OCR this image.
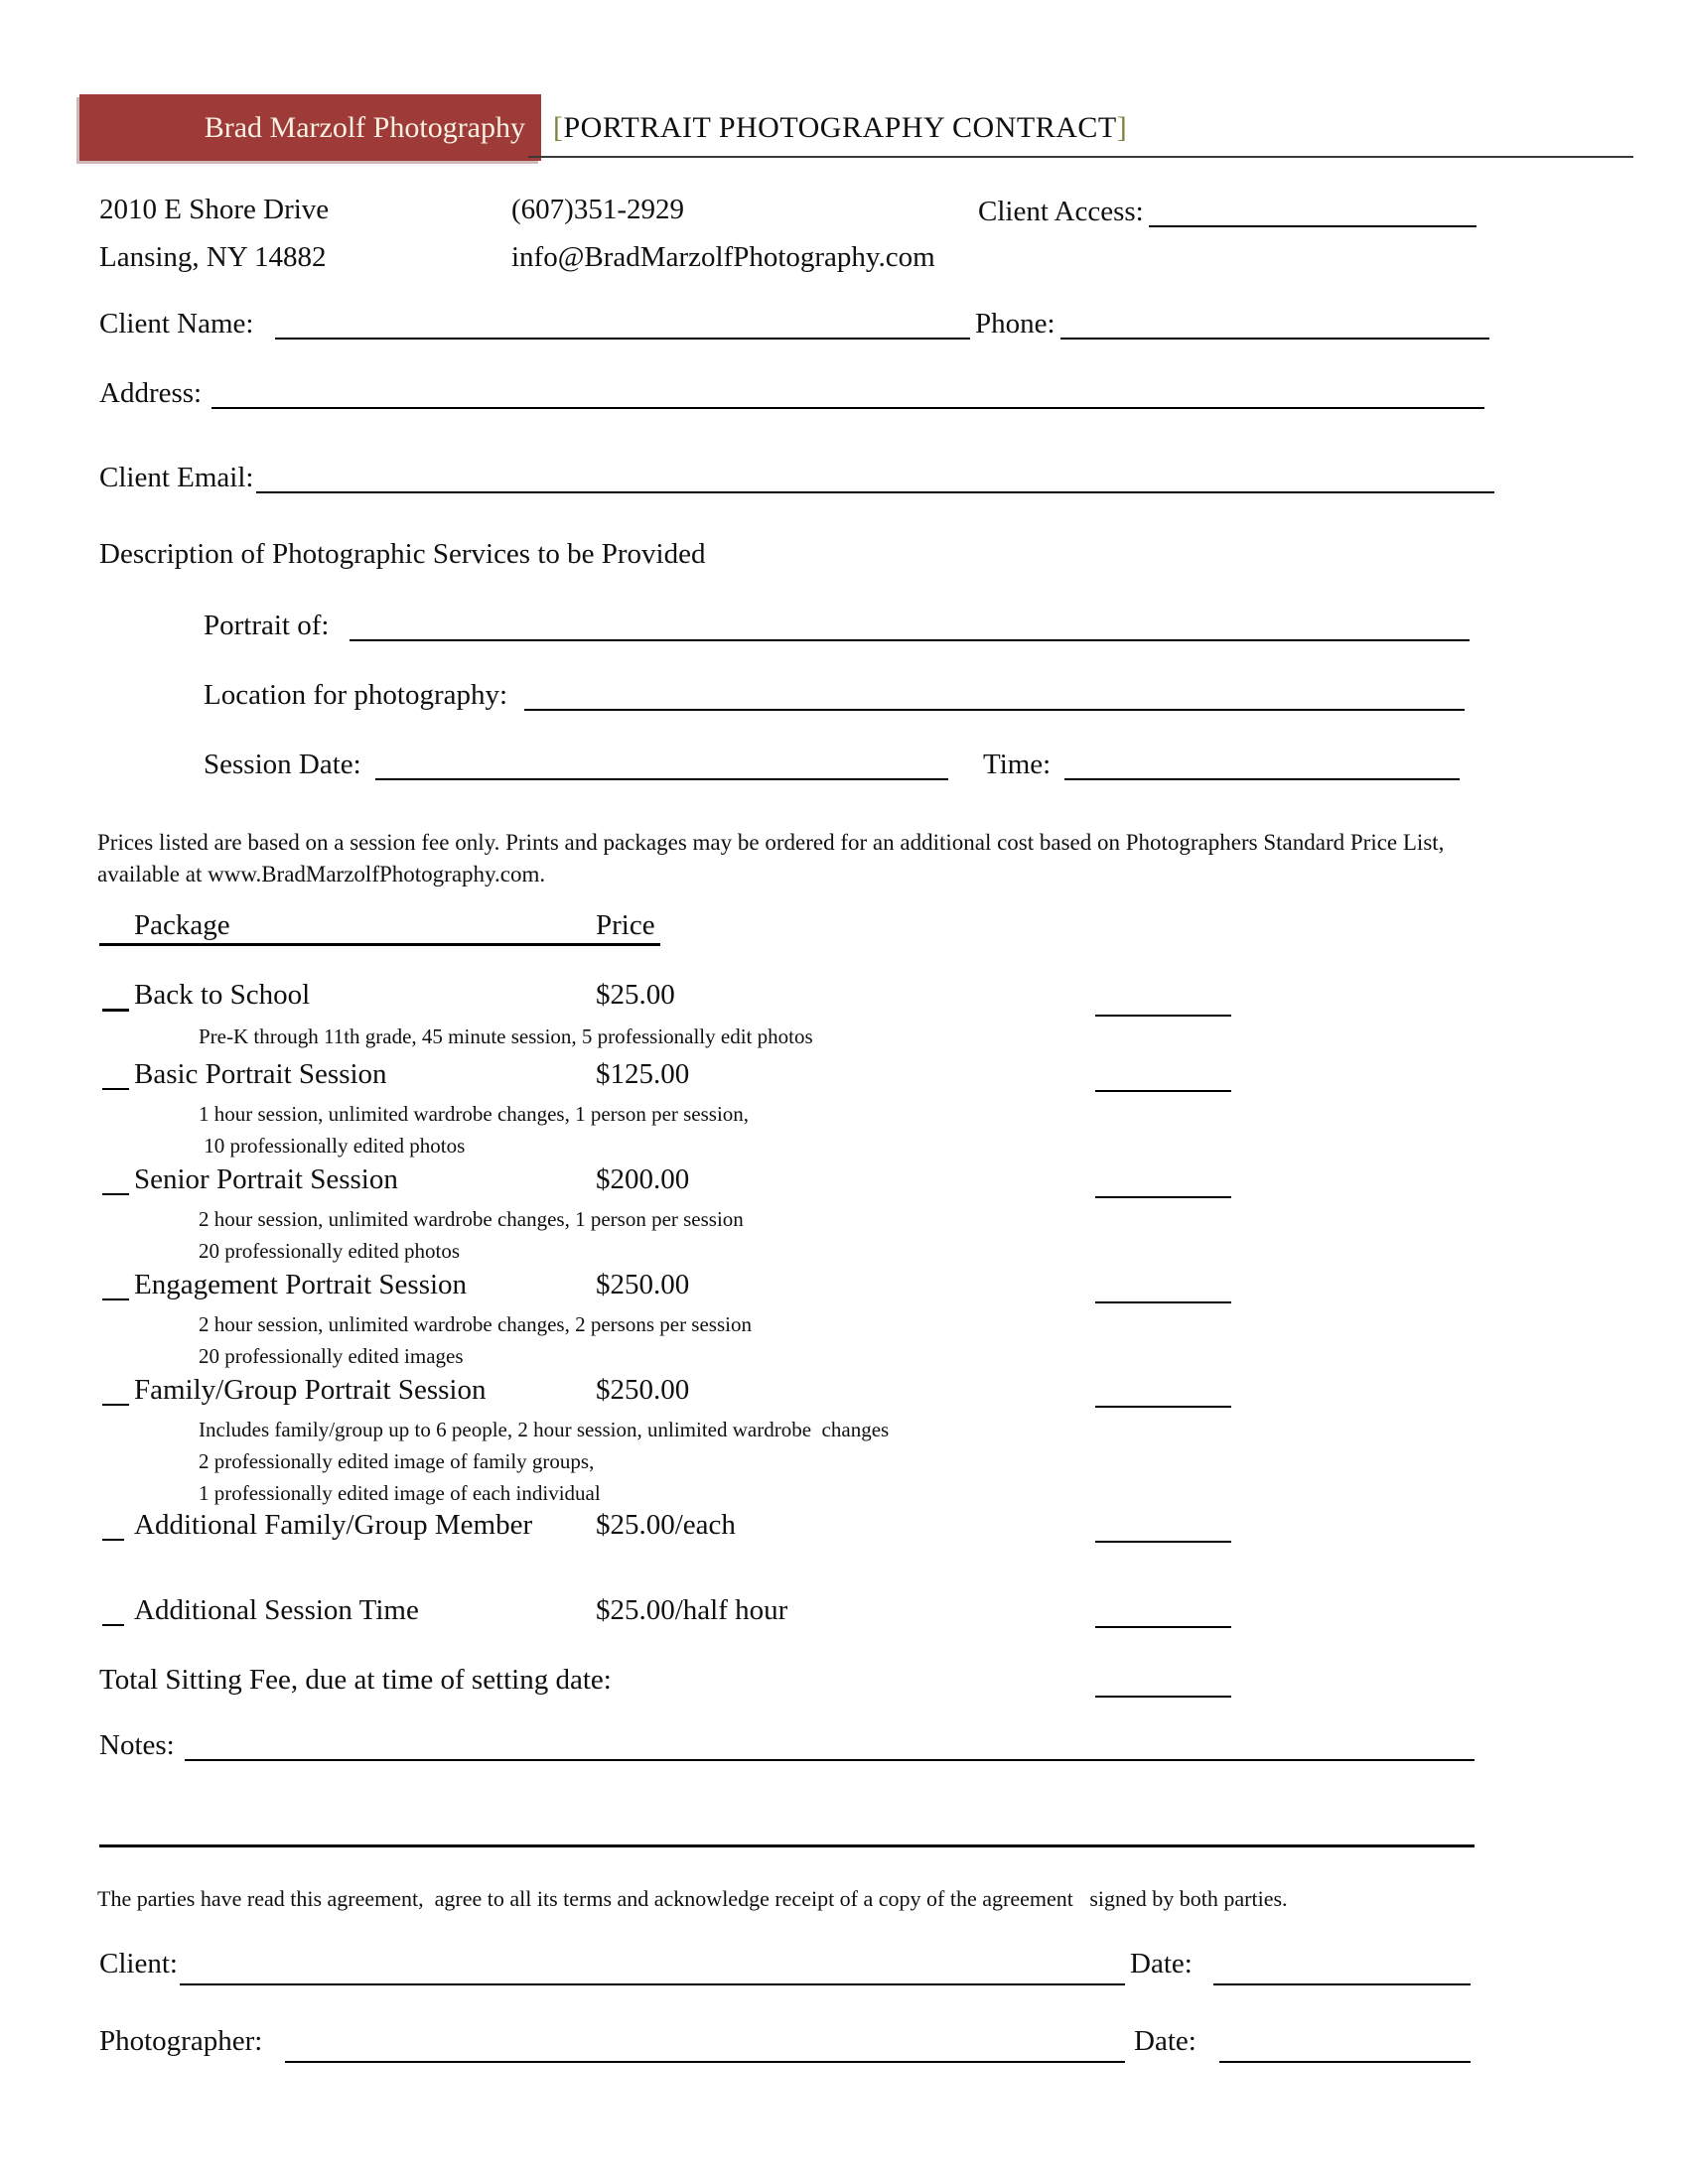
Brad Marzolf Photography [PORTRAIT PHOTOGRAPHY CONTRACT]
2010 E Shore Drive	(607)351-2929	Client Access:
Lansing, NY 14882	info@BradMarzolfPhotography.com
Client Name:	Phone:
Address:
Client Email:
Description of Photographic Services to be Provided
Portrait of:
Location for photography:
Session Date:	Time:
Prices listed are based on a session fee only. Prints and packages may be ordered for an additional cost based on Photographers Standard Price List,
available at www.BradMarzolfPhotography.com.
Package	Price
Back to School	$25.00
Pre-K through 11th grade, 45 minute session, 5 professionally edit photos
Basic Portrait Session	$125.00
1 hour session, unlimited wardrobe changes, 1 person per session,
10 professionally edited photos
Senior Portrait Session	$200.00
2 hour session, unlimited wardrobe changes, 1 person per session
20 professionally edited photos
Engagement Portrait Session	$250.00
2 hour session, unlimited wardrobe changes, 2 persons per session
20 professionally edited images
Family/Group Portrait Session	$250.00
Includes family/group up to 6 people, 2 hour session, unlimited wardrobe  changes
2 professionally edited image of family groups,
1 professionally edited image of each individual
Additional Family/Group Member $25.00/each
Additional Session Time	$25.00/half hour
Total Sitting Fee, due at time of setting date:
Notes:
The parties have read this agreement,  agree to all its terms and acknowledge receipt of a copy of the agreement   signed by both parties.
Client:	Date:
Photographer:	Date:
